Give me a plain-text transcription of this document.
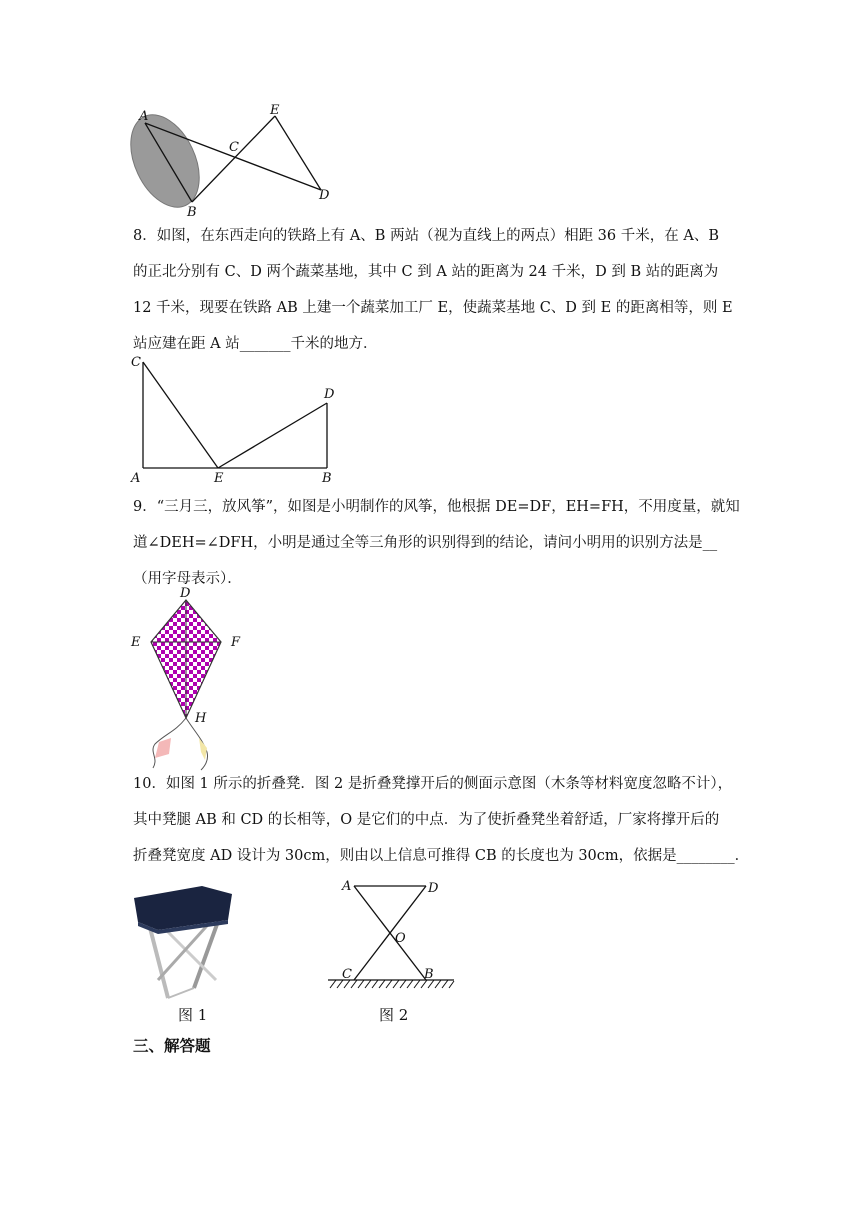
A
B
C
D
E
8．如图，在东西走向的铁路上有 A、B 两站（视为直线上的两点）相距 36 千米，在 A、B
的正北分别有 C、D 两个蔬菜基地，其中 C 到 A 站的距离为 24 千米，D 到 B 站的距离为
12 千米，现要在铁路 AB 上建一个蔬菜加工厂 E，使蔬菜基地 C、D 到 E 的距离相等，则 E
站应建在距 A 站_______千米的地方．
C
D
A	E	B
9．“三月三，放风筝”，如图是小明制作的风筝，他根据 DE=DF，EH=FH，不用度量，就知
道∠DEH=∠DFH，小明是通过全等三角形的识别得到的结论，请问小明用的识别方法是__
（用字母表示）．
D
E	F
H
10．如图 1 所示的折叠凳．图 2 是折叠凳撑开后的侧面示意图（木条等材料宽度忽略不计），
其中凳腿 AB 和 CD 的长相等，O 是它们的中点．为了使折叠凳坐着舒适，厂家将撑开后的
折叠凳宽度 AD 设计为 30cm，则由以上信息可推得 CB 的长度也为 30cm，依据是________．
A	D
O
C	B
图 1	图 2
三、解答题
